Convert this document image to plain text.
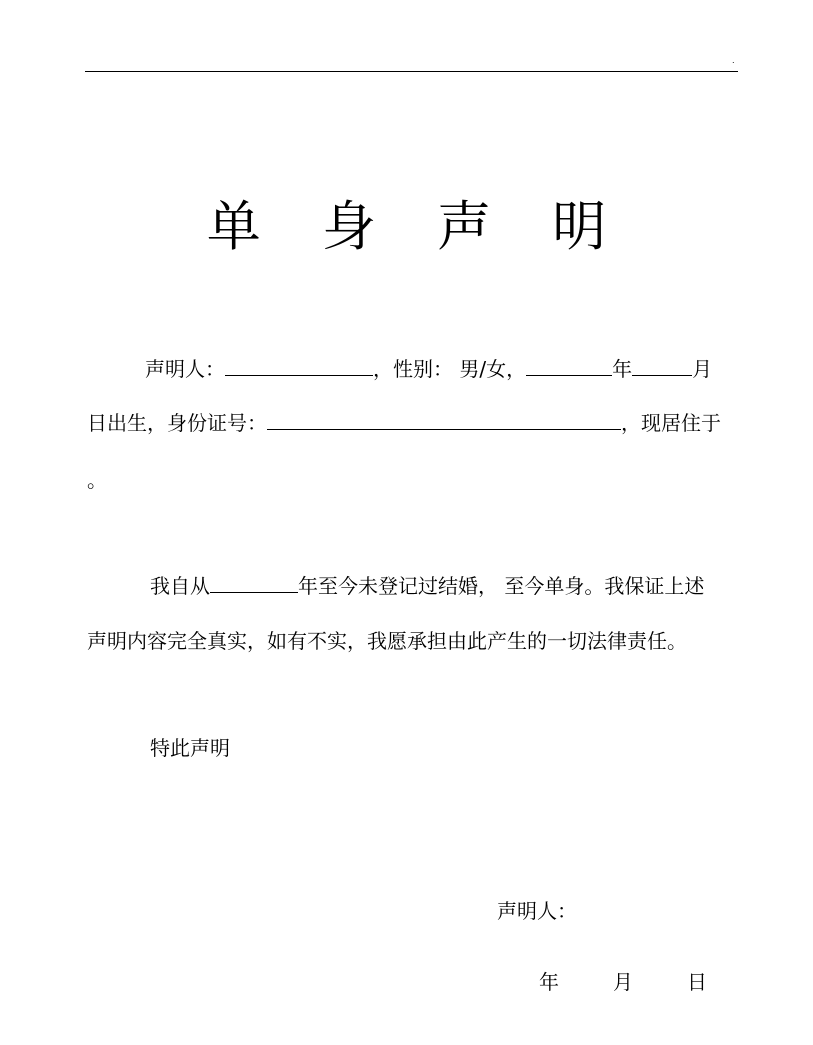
.
单 身 声 明
声明人：	，性别： 男/女，	年	月
日出生，身份证号：	，现居住于
。
我自从	年至今未登记过结婚， 至今单身。我保证上述
声明内容完全真实，如有不实，我愿承担由此产生的一切法律责任。
特此声明
声明人：
年	月	日
